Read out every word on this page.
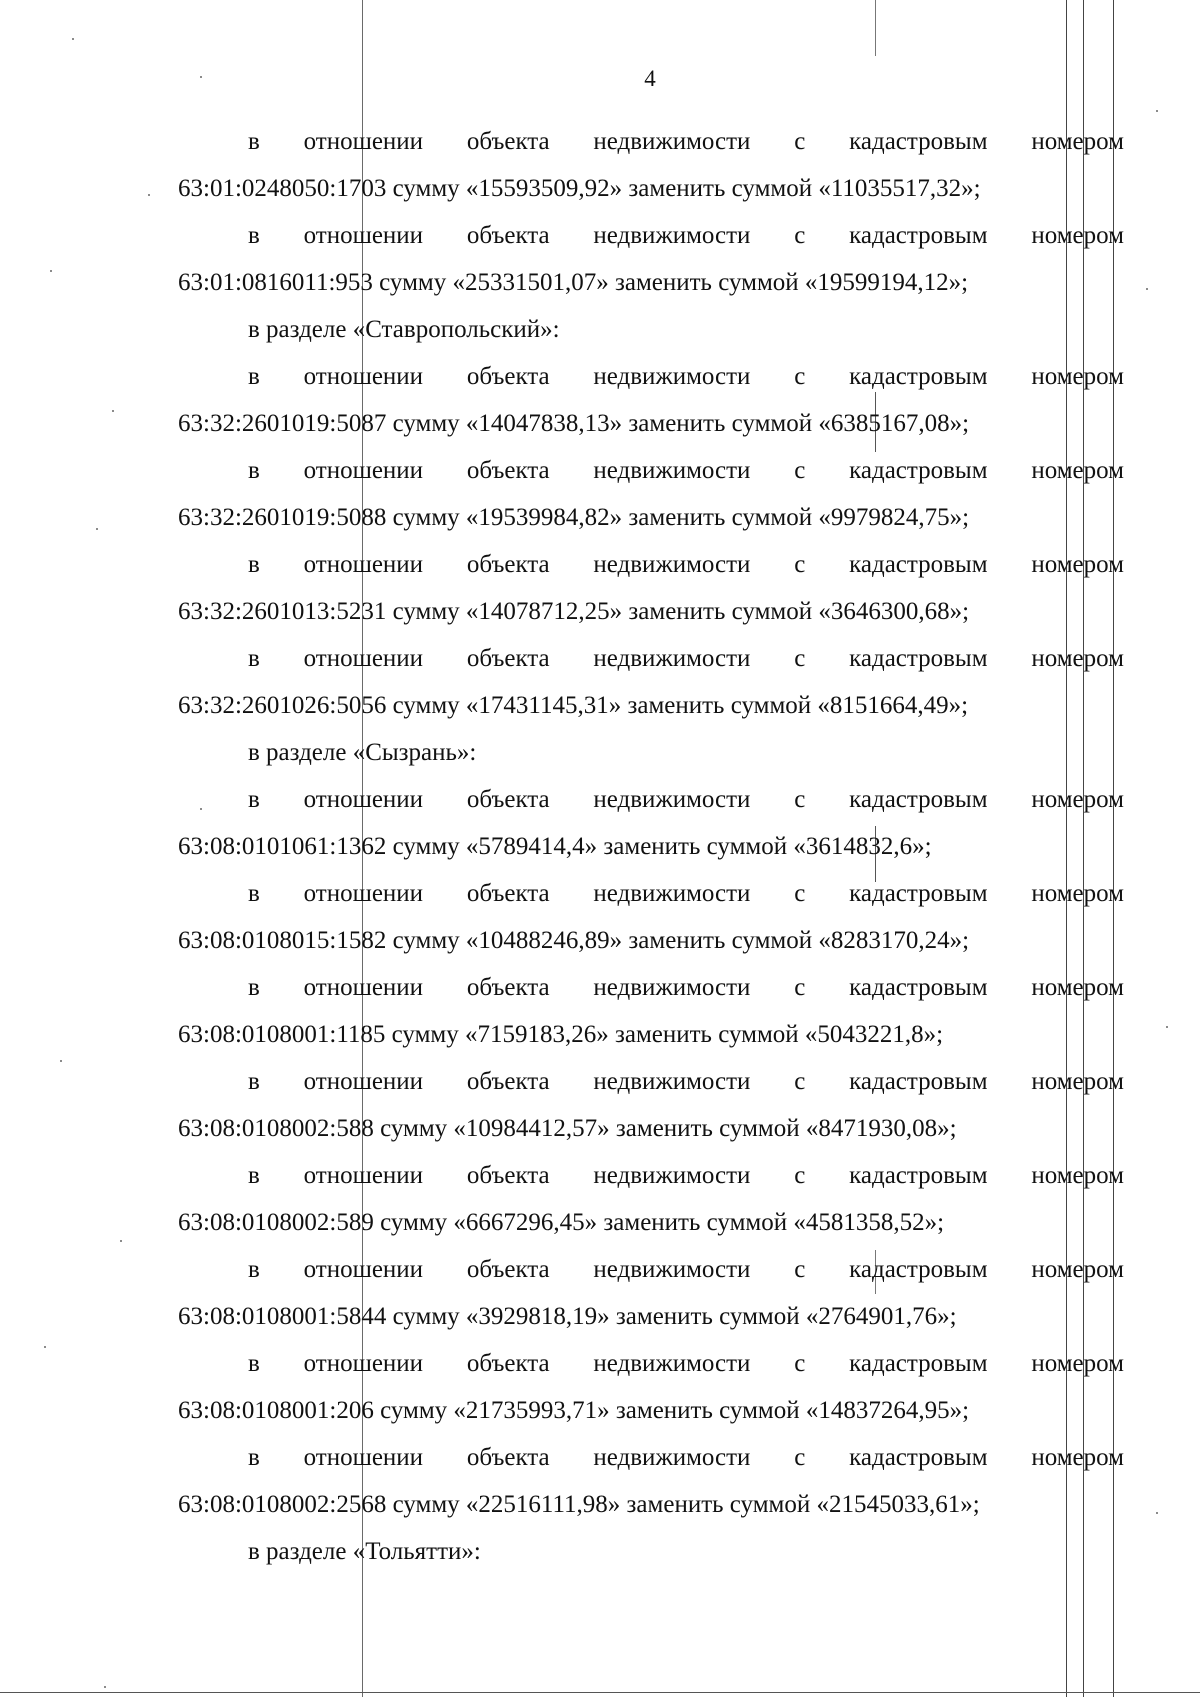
4
в отношении объекта недвижимости с кадастровым номером
63:01:0248050:1703 сумму «15593509,92» заменить суммой «11035517,32»;
в отношении объекта недвижимости с кадастровым номером
63:01:0816011:953 сумму «25331501,07» заменить суммой «19599194,12»;
в разделе «Ставропольский»:
в отношении объекта недвижимости с кадастровым номером
63:32:2601019:5087 сумму «14047838,13» заменить суммой «6385167,08»;
в отношении объекта недвижимости с кадастровым номером
63:32:2601019:5088 сумму «19539984,82» заменить суммой «9979824,75»;
в отношении объекта недвижимости с кадастровым номером
63:32:2601013:5231 сумму «14078712,25» заменить суммой «3646300,68»;
в отношении объекта недвижимости с кадастровым номером
63:32:2601026:5056 сумму «17431145,31» заменить суммой «8151664,49»;
в разделе «Сызрань»:
в отношении объекта недвижимости с кадастровым номером
63:08:0101061:1362 сумму «5789414,4» заменить суммой «3614832,6»;
в отношении объекта недвижимости с кадастровым номером
63:08:0108015:1582 сумму «10488246,89» заменить суммой «8283170,24»;
в отношении объекта недвижимости с кадастровым номером
63:08:0108001:1185 сумму «7159183,26» заменить суммой «5043221,8»;
в отношении объекта недвижимости с кадастровым номером
63:08:0108002:588 сумму «10984412,57» заменить суммой «8471930,08»;
в отношении объекта недвижимости с кадастровым номером
63:08:0108002:589 сумму «6667296,45» заменить суммой «4581358,52»;
в отношении объекта недвижимости с кадастровым номером
63:08:0108001:5844 сумму «3929818,19» заменить суммой «2764901,76»;
в отношении объекта недвижимости с кадастровым номером
63:08:0108001:206 сумму «21735993,71» заменить суммой «14837264,95»;
в отношении объекта недвижимости с кадастровым номером
63:08:0108002:2568 сумму «22516111,98» заменить суммой «21545033,61»;
в разделе «Тольятти»:
